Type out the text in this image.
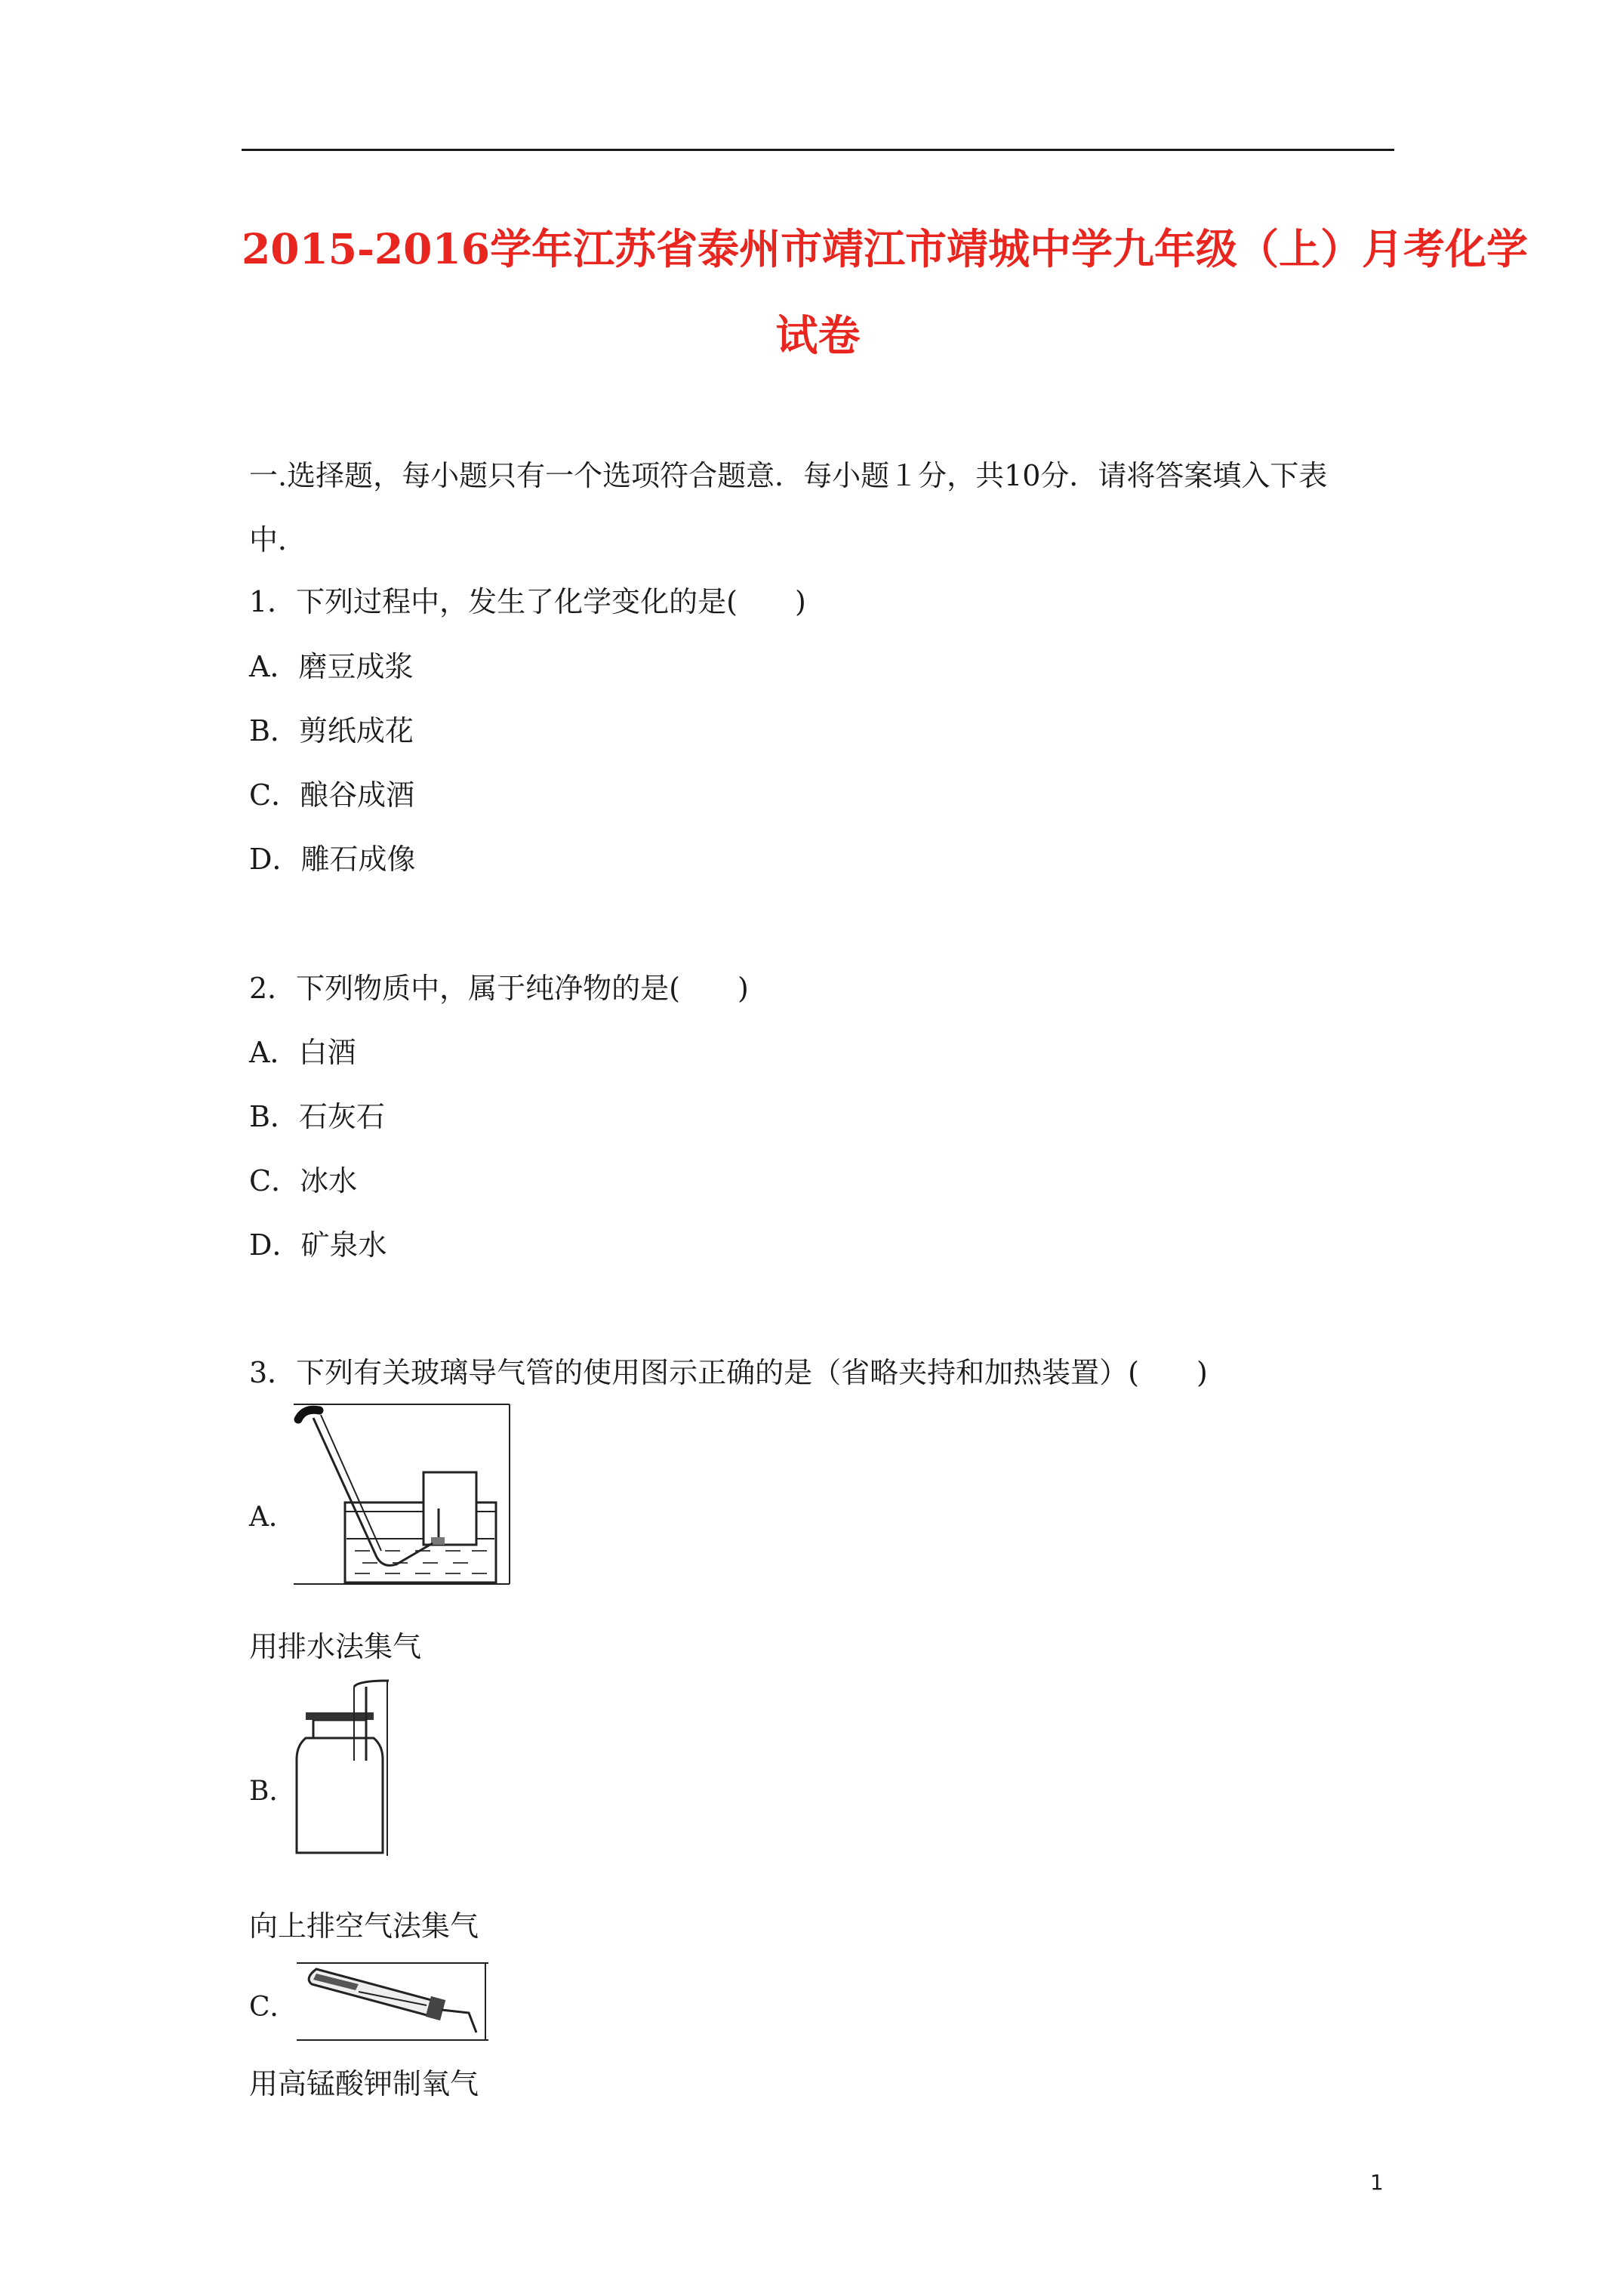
2015-2016学年江苏省泰州市靖江市靖城中学九年级（上）月考化学
试卷
一.选择题，每小题只有一个选项符合题意．每小题１分，共10分．请将答案填入下表
中．
1．下列过程中，发生了化学变化的是(　　)
A．磨豆成浆
B．剪纸成花
C．酿谷成酒
D．雕石成像
2．下列物质中，属于纯净物的是(　　)
A．白酒
B．石灰石
C．冰水
D．矿泉水
3．下列有关玻璃导气管的使用图示正确的是（省略夹持和加热装置）(　　)
A．
用排水法集气
B．
向上排空气法集气
C．
用高锰酸钾制氧气
1
